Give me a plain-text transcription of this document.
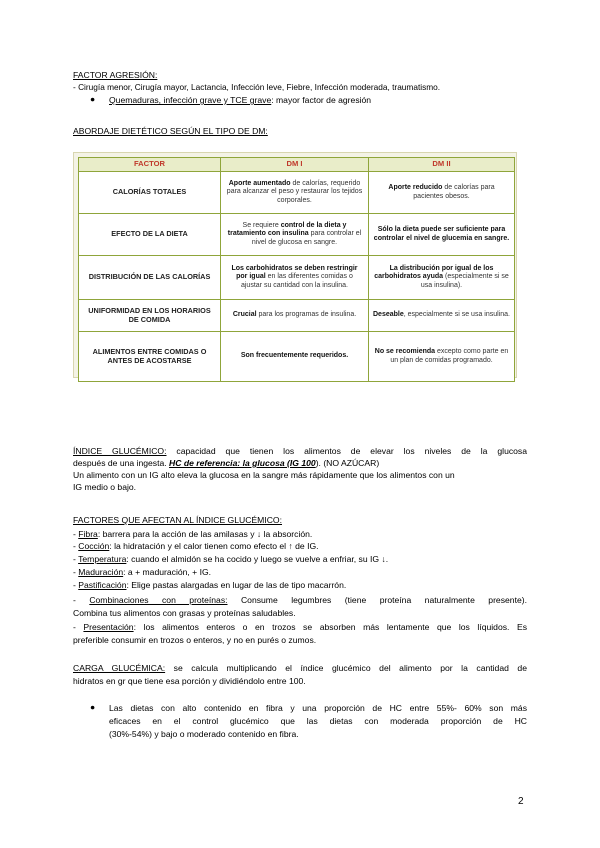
FACTOR AGRESIÓN:
- Cirugía menor, Cirugía mayor, Lactancia, Infección leve, Fiebre, Infección moderada, traumatismo.
● Quemaduras, infección grave y TCE grave: mayor factor de agresión
ABORDAJE DIETÉTICO SEGÚN EL TIPO DE DM:
FACTOR	DM I	DM II
CALORÍAS TOTALES	Aporte aumentado de calorías, requerido para alcanzar el peso y restaurar los tejidos corporales.	Aporte reducido de calorías para pacientes obesos.
EFECTO DE LA DIETA	Se requiere control de la dieta y tratamiento con insulina para controlar el nivel de glucosa en sangre.	Sólo la dieta puede ser suficiente para controlar el nivel de glucemia en sangre.
DISTRIBUCIÓN DE LAS CALORÍAS	Los carbohidratos se deben restringir por igual en las diferentes comidas o ajustar su cantidad con la insulina.	La distribución por igual de los carbohidratos ayuda (especialmente si se usa insulina).
UNIFORMIDAD EN LOS HORARIOS DE COMIDA	Crucial para los programas de insulina.	Deseable, especialmente si se usa insulina.
ALIMENTOS ENTRE COMIDAS O ANTES DE ACOSTARSE	Son frecuentemente requeridos.	No se recomienda excepto como parte en un plan de comidas programado.
ÍNDICE GLUCÉMICO: capacidad que tienen los alimentos de elevar los niveles de la glucosa
después de una ingesta. HC de referencia: la glucosa (IG 100). (NO AZÚCAR)
Un alimento con un IG alto eleva la glucosa en la sangre más rápidamente que los alimentos con un
IG medio o bajo.
FACTORES QUE AFECTAN AL ÍNDICE GLUCÉMICO:
- Fibra: barrera para la acción de las amilasas y ↓ la absorción.
- Cocción: la hidratación y el calor tienen como efecto el ↑ de IG.
- Temperatura: cuando el almidón se ha cocido y luego se vuelve a enfriar, su IG ↓.
- Maduración: a + maduración, + IG.
- Pastificación: Elige pastas alargadas en lugar de las de tipo macarrón.
- Combinaciones con proteínas: Consume legumbres (tiene proteína naturalmente presente).
Combina tus alimentos con grasas y proteínas saludables.
- Presentación: los alimentos enteros o en trozos se absorben más lentamente que los líquidos. Es
preferible consumir en trozos o enteros, y no en purés o zumos.
CARGA GLUCÉMICA: se calcula multiplicando el índice glucémico del alimento por la cantidad de
hidratos en gr que tiene esa porción y dividiéndolo entre 100.
● Las dietas con alto contenido en fibra y una proporción de HC entre 55%- 60% son más
eficaces en el control glucémico que las dietas con moderada proporción de HC
(30%-54%) y bajo o moderado contenido en fibra.
2
